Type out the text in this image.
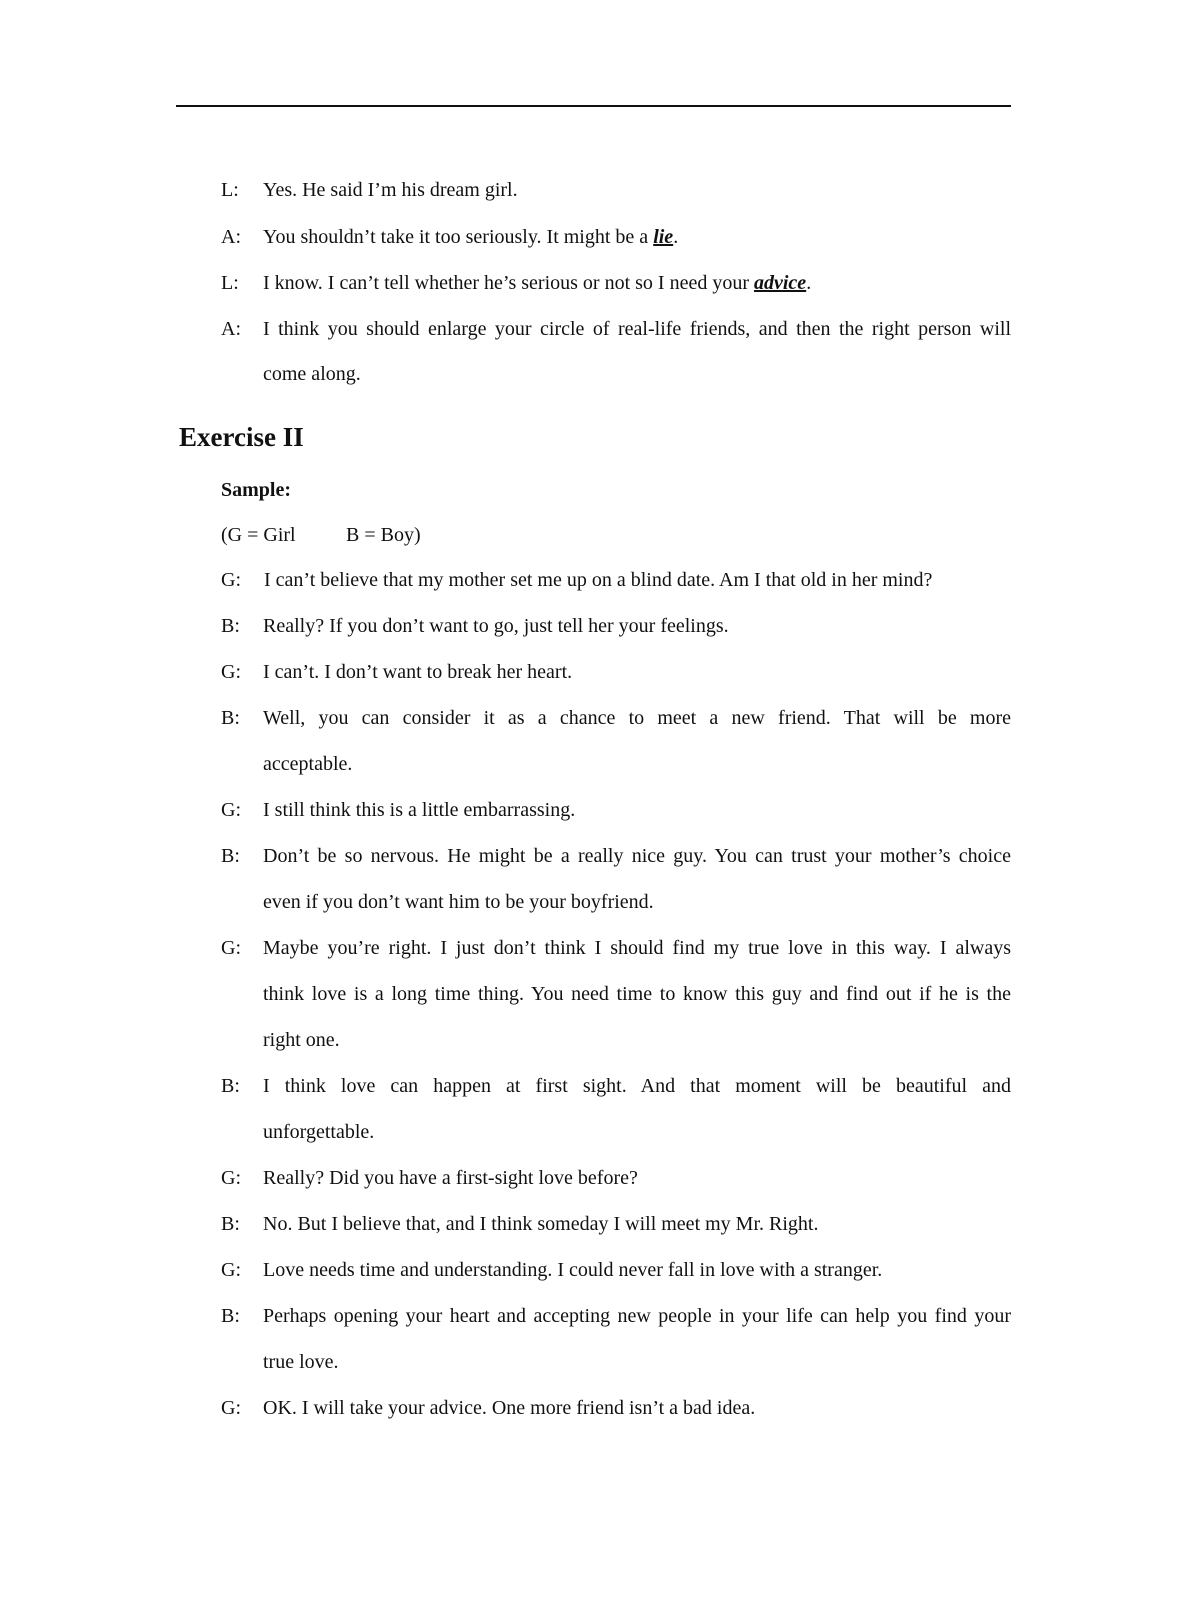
L: Yes. He said I’m his dream girl.
A: You shouldn’t take it too seriously. It might be a lie.
L: I know. I can’t tell whether he’s serious or not so I need your advice.
A: I think you should enlarge your circle of real-life friends, and then the right person will
come along.
Exercise II
Sample:
(G = Girl	B = Boy)
G: I can’t believe that my mother set me up on a blind date. Am I that old in her mind?
B: Really? If you don’t want to go, just tell her your feelings.
G: I can’t. I don’t want to break her heart.
B: Well, you can consider it as a chance to meet a new friend. That will be more
acceptable.
G: I still think this is a little embarrassing.
B: Don’t be so nervous. He might be a really nice guy. You can trust your mother’s choice
even if you don’t want him to be your boyfriend.
G: Maybe you’re right. I just don’t think I should find my true love in this way. I always
think love is a long time thing. You need time to know this guy and find out if he is the
right one.
B: I think love can happen at first sight. And that moment will be beautiful and
unforgettable.
G: Really? Did you have a first-sight love before?
B: No. But I believe that, and I think someday I will meet my Mr. Right.
G: Love needs time and understanding. I could never fall in love with a stranger.
B: Perhaps opening your heart and accepting new people in your life can help you find your
true love.
G: OK. I will take your advice. One more friend isn’t a bad idea.
